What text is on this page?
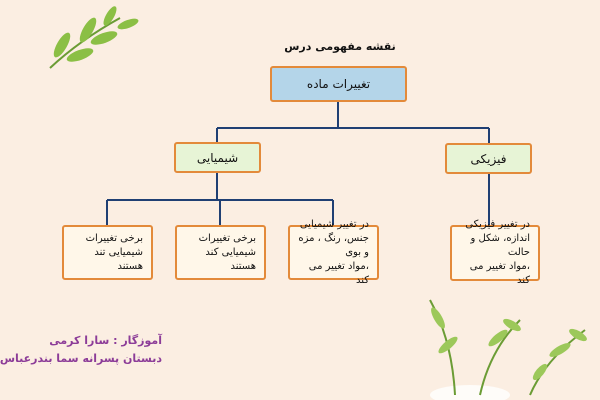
نقشه مفهومی درس
تغییرات ماده
شیمیایی	فیزیکی
برخی تغییرات
شیمیایی تند هستند
برخی تغییرات
شیمیایی کند هستند
در تغییر شیمیایی
جنس، رنگ ، مزه و بوی
،مواد تغییر می کند
در تغییر فیزیکی
اندازه، شکل و حالت
،مواد تغییر می کند
آموزگار : سارا کرمی
دبستان پسرانه سما بندرعباس
